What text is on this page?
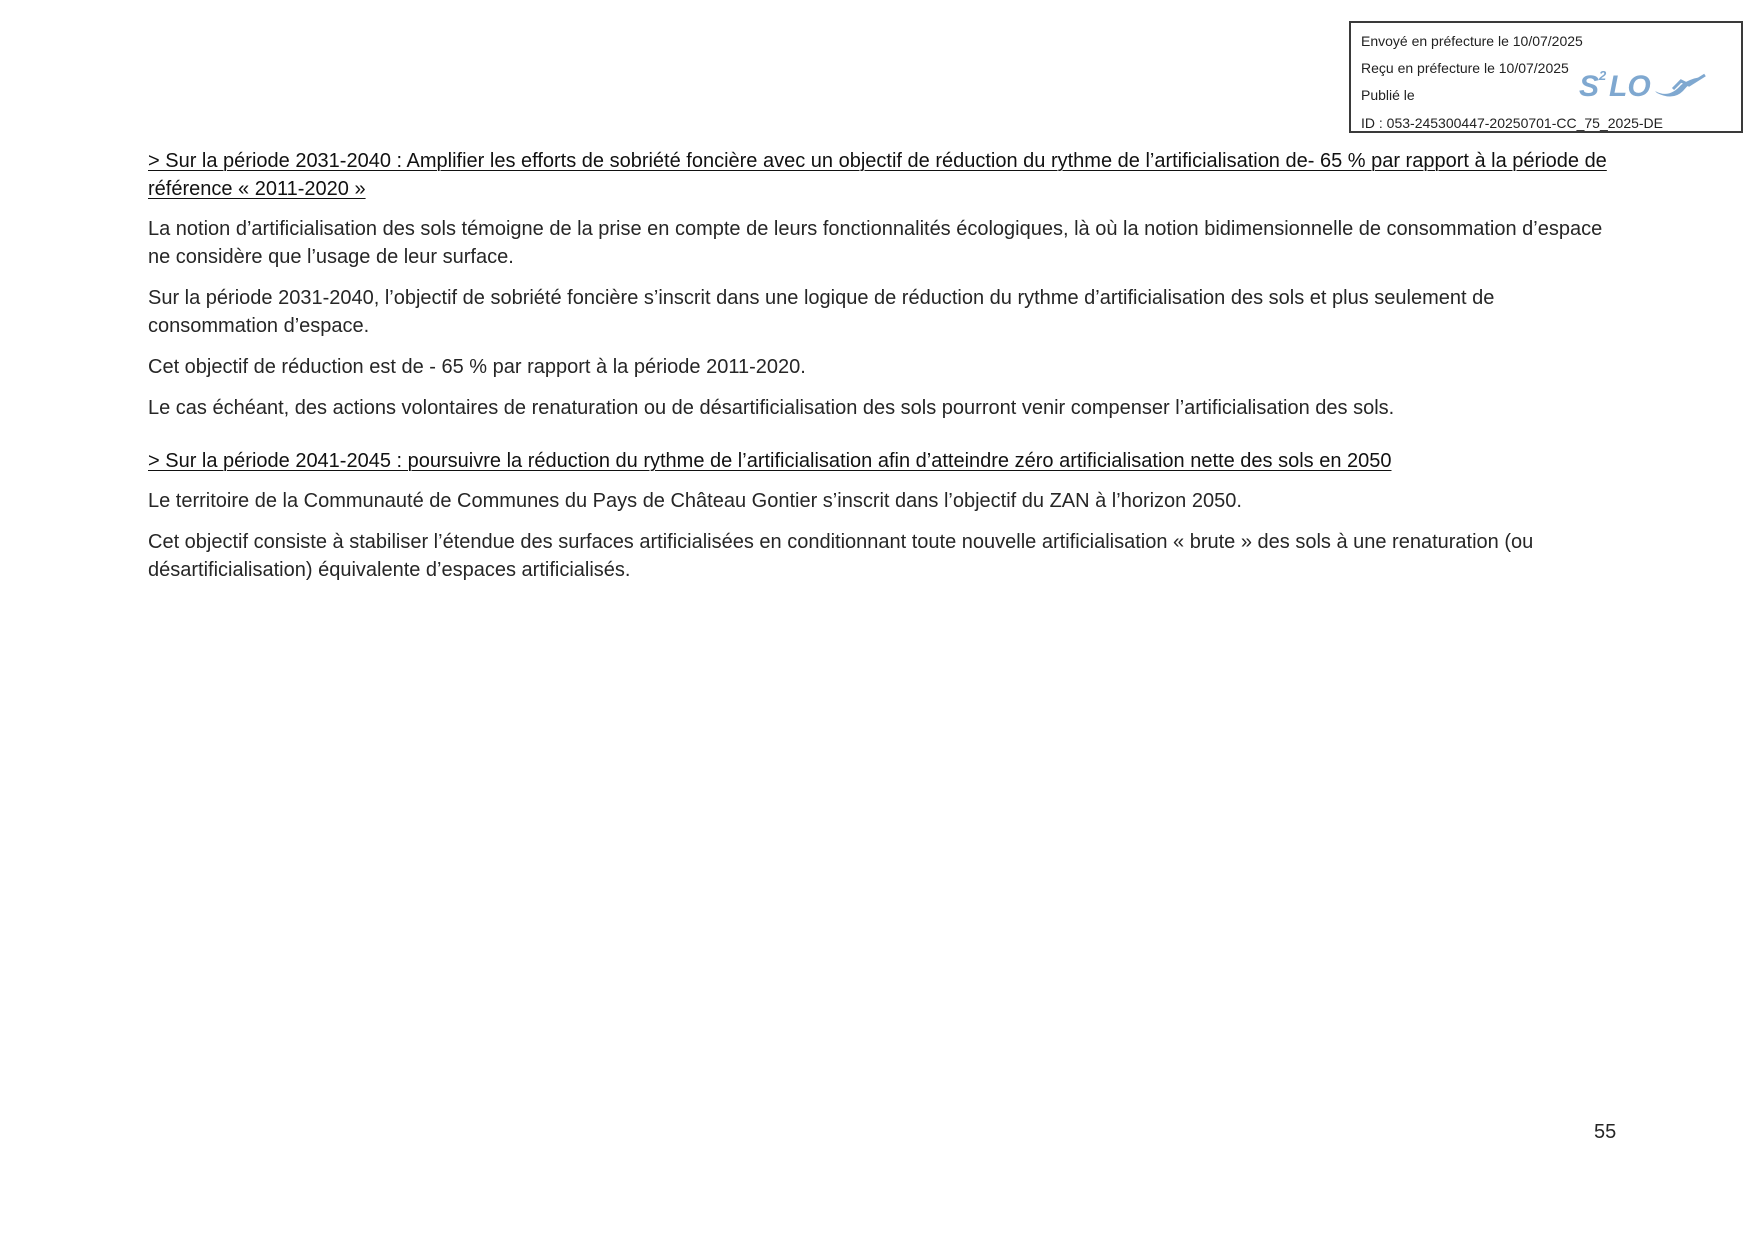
Envoyé en préfecture le 10/07/2025
Reçu en préfecture le 10/07/2025
Publié le
ID : 053-245300447-20250701-CC_75_2025-DE
S 2 LO

> Sur la période 2031-2040 : Amplifier les efforts de sobriété foncière avec un objectif de réduction du rythme de l’artificialisation de- 65 % par rapport à la période de référence « 2011-2020 »

La notion d’artificialisation des sols témoigne de la prise en compte de leurs fonctionnalités écologiques, là où la notion bidimensionnelle de consommation d’espace ne considère que l’usage de leur surface.

Sur la période 2031-2040, l’objectif de sobriété foncière s’inscrit dans une logique de réduction du rythme d’artificialisation des sols et plus seulement de consommation d’espace.

Cet objectif de réduction est de - 65 % par rapport à la période 2011-2020.

Le cas échéant, des actions volontaires de renaturation ou de désartificialisation des sols pourront venir compenser l’artificialisation des sols.

> Sur la période 2041-2045 : poursuivre la réduction du rythme de l’artificialisation afin d’atteindre zéro artificialisation nette des sols en 2050

Le territoire de la Communauté de Communes du Pays de Château Gontier s’inscrit dans l’objectif du ZAN à l’horizon 2050.

Cet objectif consiste à stabiliser l’étendue des surfaces artificialisées en conditionnant toute nouvelle artificialisation « brute » des sols à une renaturation (ou désartificialisation) équivalente d’espaces artificialisés.

55
